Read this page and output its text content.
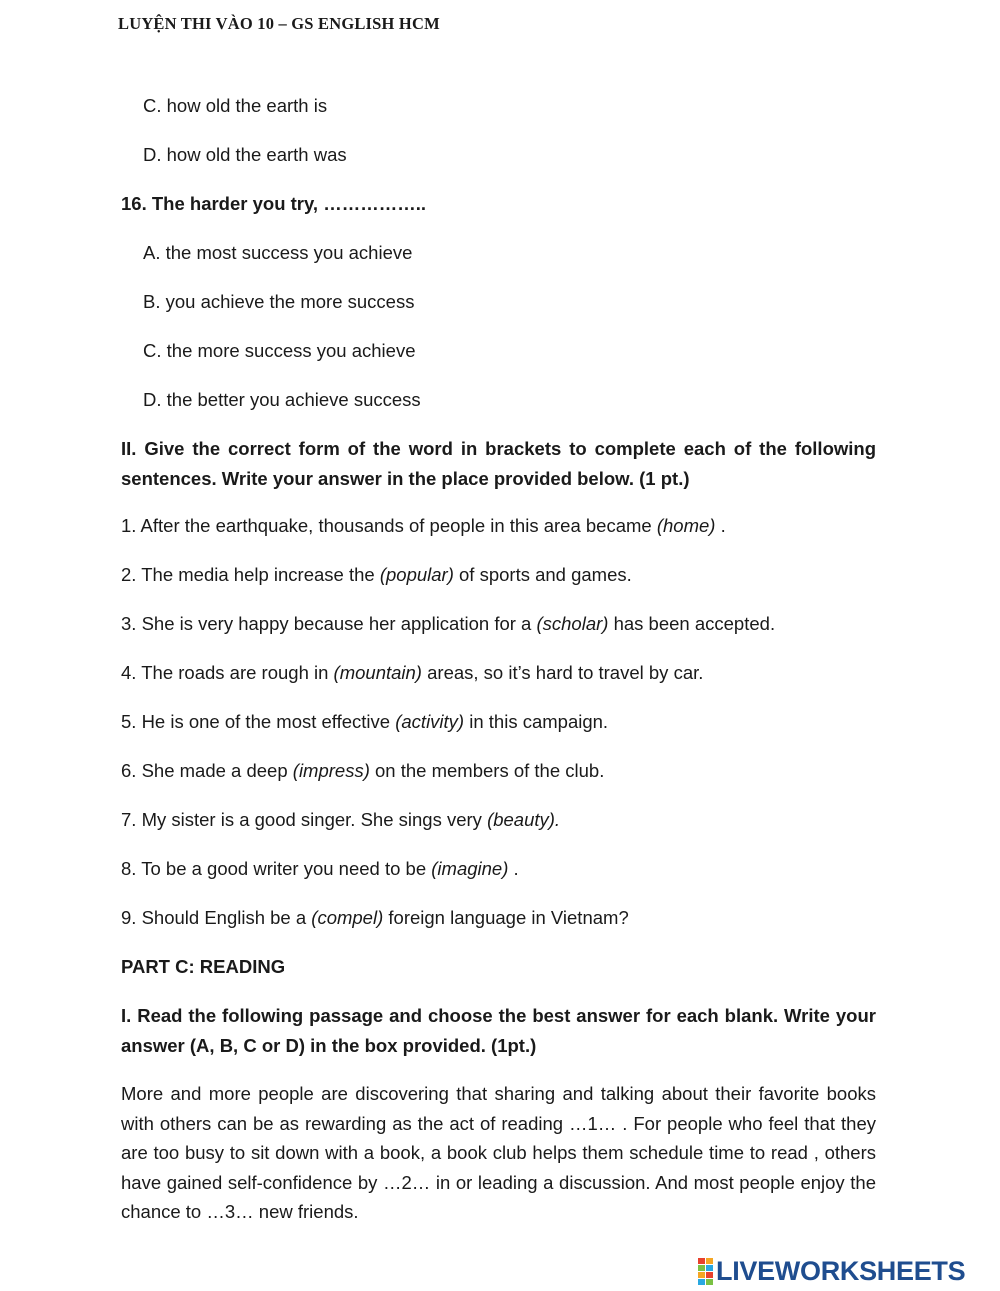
LUYỆN THI VÀO 10 – GS ENGLISH HCM
C. how old the earth is
D. how old the earth was
16. The harder you try, ……………..
A. the most success you achieve
B. you achieve the more success
C. the more success you achieve
D. the better you achieve success
II. Give the correct form of the word in brackets to complete each of the following sentences. Write your answer in the place provided below. (1 pt.)
1. After the earthquake, thousands of people in this area became (home) .
2. The media help increase the (popular) of sports and games.
3. She is very happy because her application for a (scholar) has been accepted.
4. The roads are rough in (mountain) areas, so it’s hard to travel by car.
5. He is one of the most effective (activity) in this campaign.
6. She made a deep (impress) on the members of the club.
7. My sister is a good singer. She sings very (beauty).
8. To be a good writer you need to be (imagine) .
9. Should English be a (compel) foreign language in Vietnam?
PART C: READING
I. Read the following passage and choose the best answer for each blank. Write your answer (A, B, C or D) in the box provided. (1pt.)
More and more people are discovering that sharing and talking about their favorite books with others can be as rewarding as the act of reading …1… . For people who feel that they are too busy to sit down with a book, a book club helps them schedule time to read , others have gained self-confidence by …2… in or leading a discussion. And most people enjoy the chance to …3… new friends.
LIVEWORKSHEETS
